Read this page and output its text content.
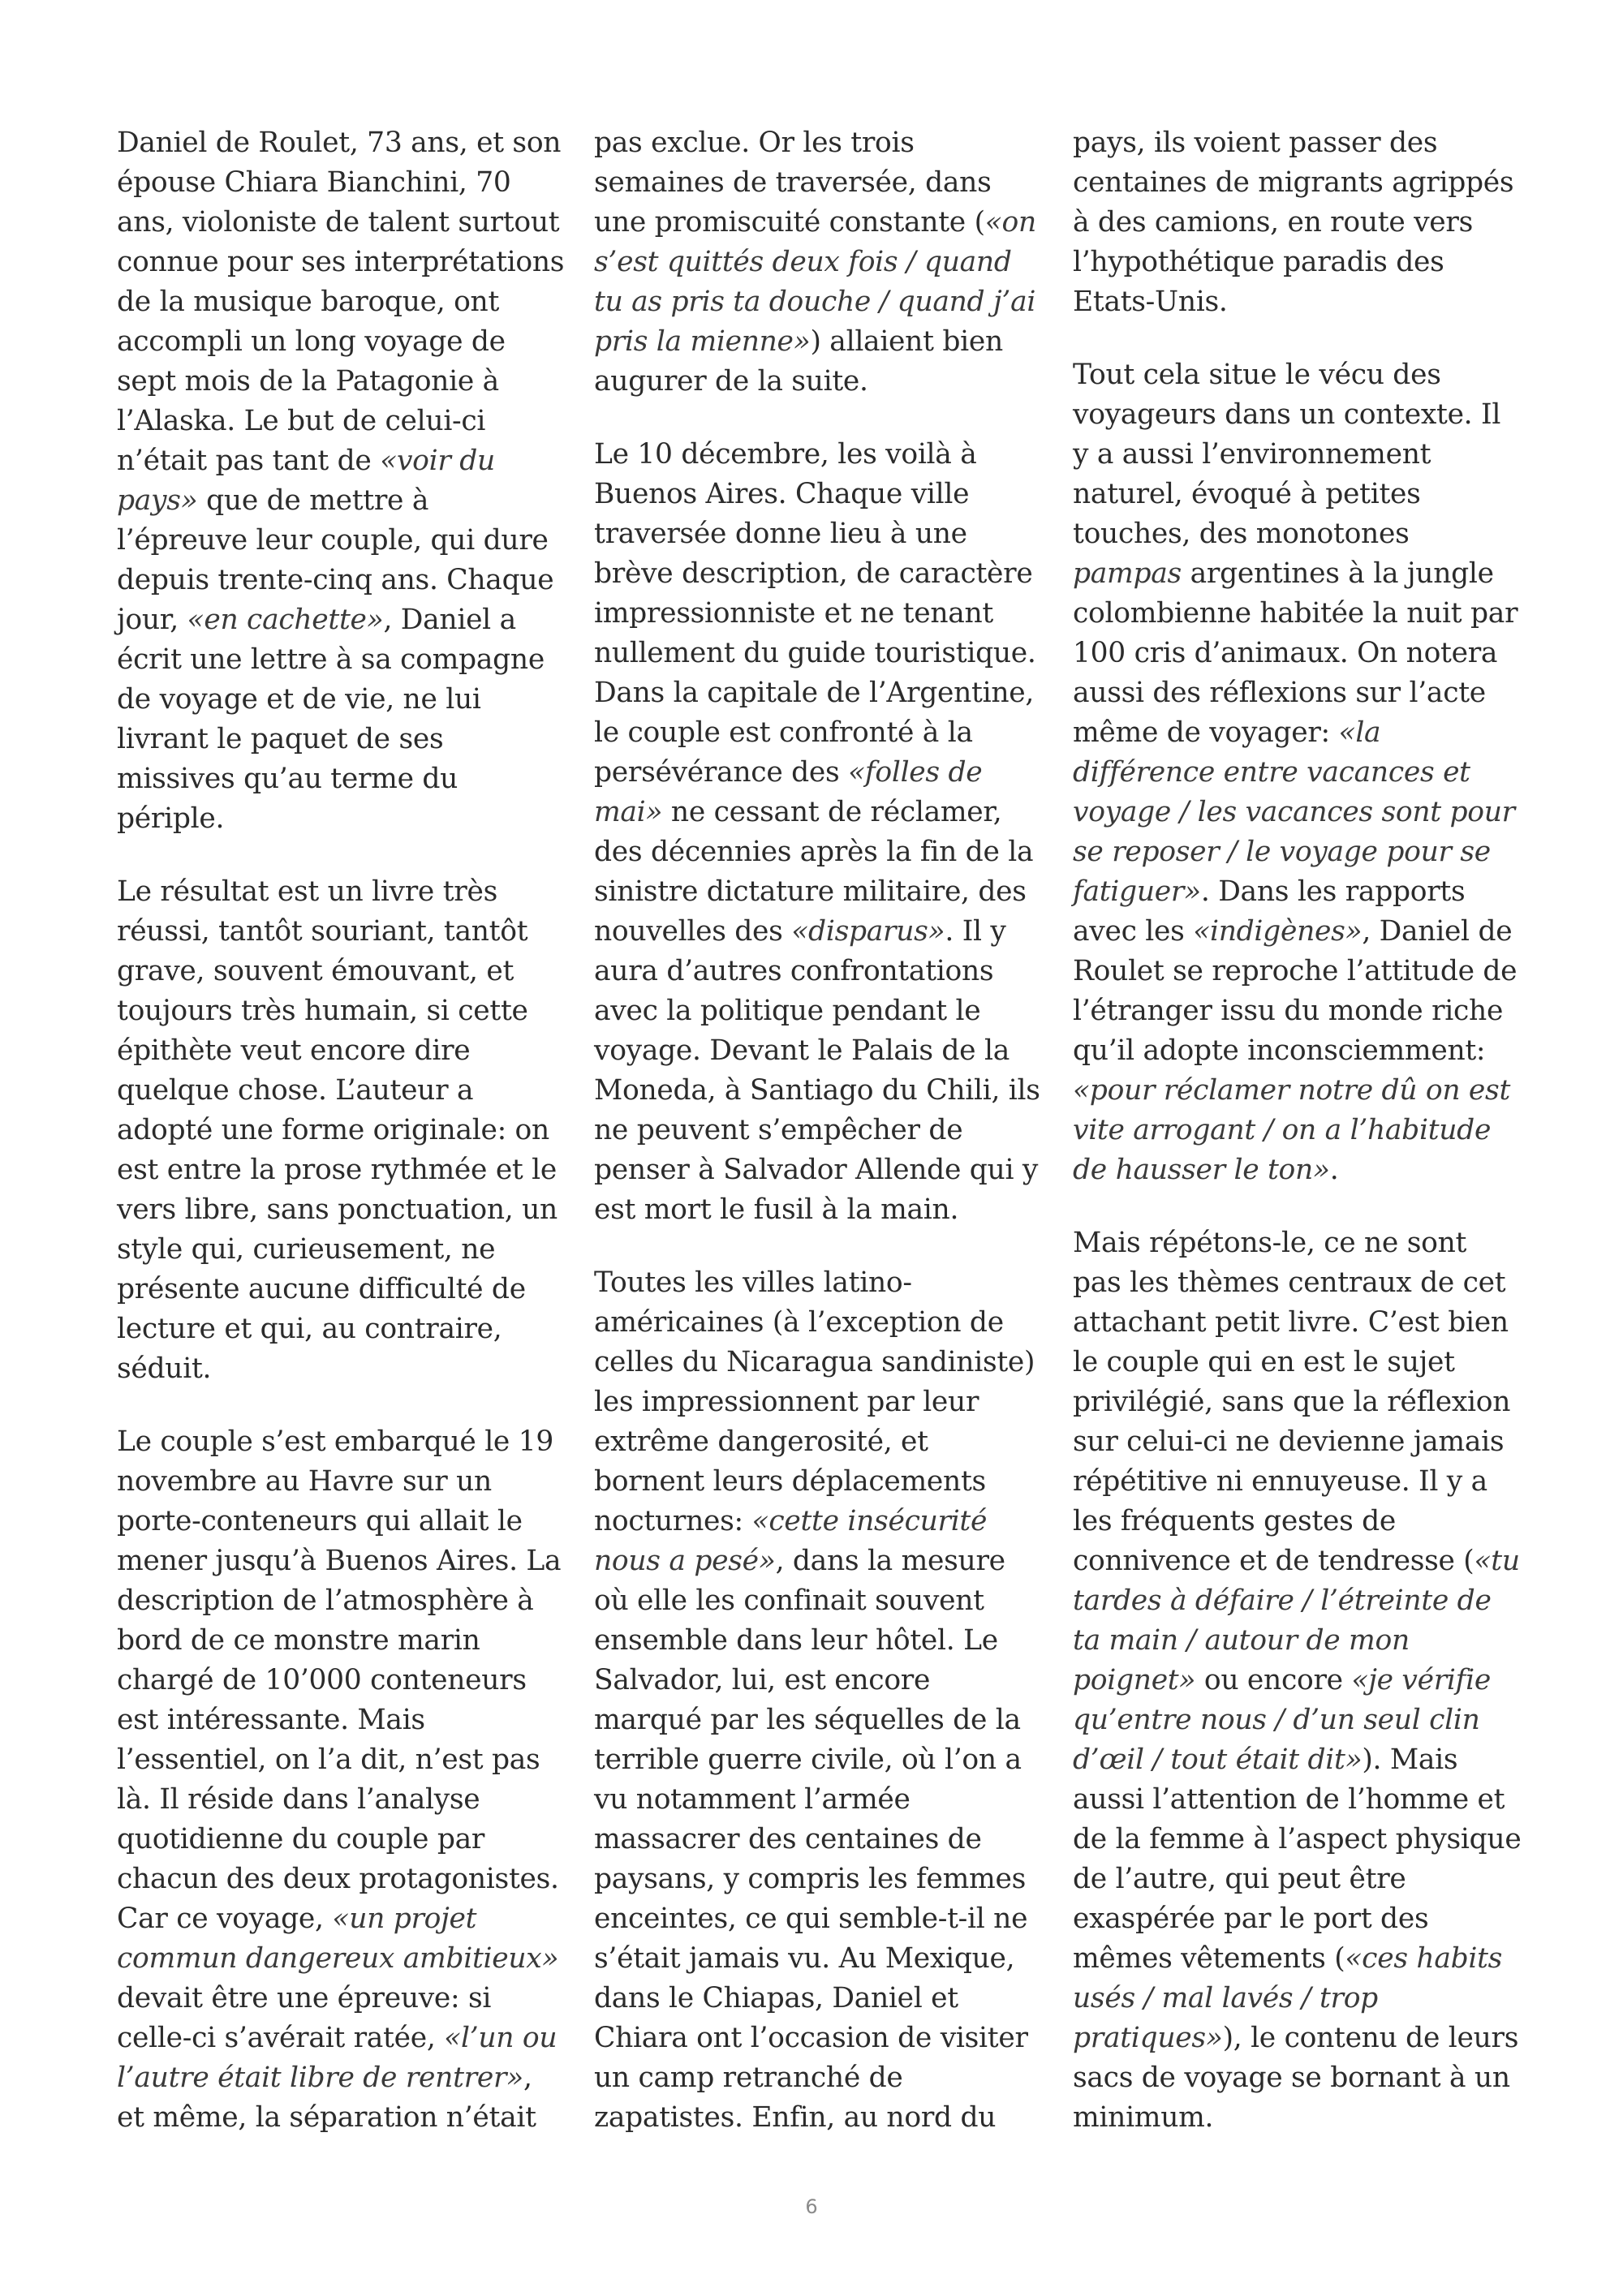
Daniel de Roulet, 73 ans, et son épouse Chiara Bianchini, 70 ans, violoniste de talent surtout connue pour ses interprétations de la musique baroque, ont accompli un long voyage de sept mois de la Patagonie à l’Alaska. Le but de celui-ci n’était pas tant de «voir du pays» que de mettre à l’épreuve leur couple, qui dure depuis trente-cinq ans. Chaque jour, «en cachette», Daniel a écrit une lettre à sa compagne de voyage et de vie, ne lui livrant le paquet de ses missives qu’au terme du périple.

Le résultat est un livre très réussi, tantôt souriant, tantôt grave, souvent émouvant, et toujours très humain, si cette épithète veut encore dire quelque chose. L’auteur a adopté une forme originale: on est entre la prose rythmée et le vers libre, sans ponctuation, un style qui, curieusement, ne présente aucune difficulté de lecture et qui, au contraire, séduit.

Le couple s’est embarqué le 19 novembre au Havre sur un porte-conteneurs qui allait le mener jusqu’à Buenos Aires. La description de l’atmosphère à bord de ce monstre marin chargé de 10’000 conteneurs est intéressante. Mais l’essentiel, on l’a dit, n’est pas là. Il réside dans l’analyse quotidienne du couple par chacun des deux protagonistes. Car ce voyage, «un projet commun dangereux ambitieux» devait être une épreuve: si celle-ci s’avérait ratée, «l’un ou l’autre était libre de rentrer», et même, la séparation n’était

pas exclue. Or les trois semaines de traversée, dans une promiscuité constante («on s’est quittés deux fois / quand tu as pris ta douche / quand j’ai pris la mienne») allaient bien augurer de la suite.

Le 10 décembre, les voilà à Buenos Aires. Chaque ville traversée donne lieu à une brève description, de caractère impressionniste et ne tenant nullement du guide touristique. Dans la capitale de l’Argentine, le couple est confronté à la persévérance des «folles de mai» ne cessant de réclamer, des décennies après la fin de la sinistre dictature militaire, des nouvelles des «disparus». Il y aura d’autres confrontations avec la politique pendant le voyage. Devant le Palais de la Moneda, à Santiago du Chili, ils ne peuvent s’empêcher de penser à Salvador Allende qui y est mort le fusil à la main.

Toutes les villes latino-américaines (à l’exception de celles du Nicaragua sandiniste) les impressionnent par leur extrême dangerosité, et bornent leurs déplacements nocturnes: «cette insécurité nous a pesé», dans la mesure où elle les confinait souvent ensemble dans leur hôtel. Le Salvador, lui, est encore marqué par les séquelles de la terrible guerre civile, où l’on a vu notamment l’armée massacrer des centaines de paysans, y compris les femmes enceintes, ce qui semble-t-il ne s’était jamais vu. Au Mexique, dans le Chiapas, Daniel et Chiara ont l’occasion de visiter un camp retranché de zapatistes. Enfin, au nord du

pays, ils voient passer des centaines de migrants agrippés à des camions, en route vers l’hypothétique paradis des Etats-Unis.

Tout cela situe le vécu des voyageurs dans un contexte. Il y a aussi l’environnement naturel, évoqué à petites touches, des monotones pampas argentines à la jungle colombienne habitée la nuit par 100 cris d’animaux. On notera aussi des réflexions sur l’acte même de voyager: «la différence entre vacances et voyage / les vacances sont pour se reposer / le voyage pour se fatiguer». Dans les rapports avec les «indigènes», Daniel de Roulet se reproche l’attitude de l’étranger issu du monde riche qu’il adopte inconsciemment: «pour réclamer notre dû on est vite arrogant / on a l’habitude de hausser le ton».

Mais répétons-le, ce ne sont pas les thèmes centraux de cet attachant petit livre. C’est bien le couple qui en est le sujet privilégié, sans que la réflexion sur celui-ci ne devienne jamais répétitive ni ennuyeuse. Il y a les fréquents gestes de connivence et de tendresse («tu tardes à défaire / l’étreinte de ta main / autour de mon poignet» ou encore «je vérifie qu’entre nous / d’un seul clin d’œil / tout était dit»). Mais aussi l’attention de l’homme et de la femme à l’aspect physique de l’autre, qui peut être exaspérée par le port des mêmes vêtements («ces habits usés / mal lavés / trop pratiques»), le contenu de leurs sacs de voyage se bornant à un minimum.

6
